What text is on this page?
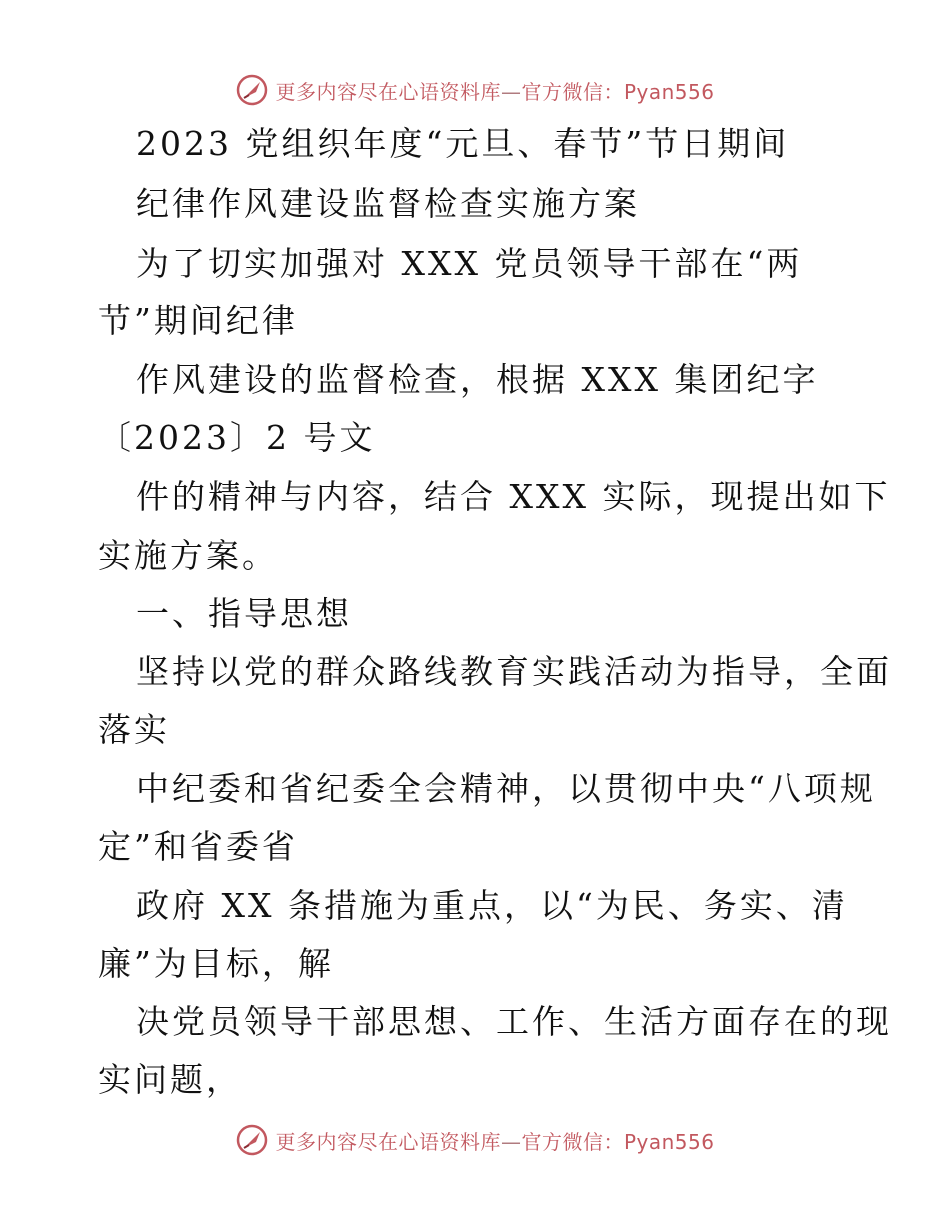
更多内容尽在心语资料库—官方微信：Pyan556
2023 党组织年度“元旦、春节”节日期间
纪律作风建设监督检查实施方案
为了切实加强对 XXX 党员领导干部在“两
节”期间纪律
作风建设的监督检查，根据 XXX 集团纪字
〔2023〕2 号文
件的精神与内容，结合 XXX 实际，现提出如下
实施方案。
一、指导思想
坚持以党的群众路线教育实践活动为指导，全面
落实
中纪委和省纪委全会精神，以贯彻中央“八项规
定”和省委省
政府 XX 条措施为重点，以“为民、务实、清
廉”为目标，解
决党员领导干部思想、工作、生活方面存在的现
实问题，
更多内容尽在心语资料库—官方微信：Pyan556
